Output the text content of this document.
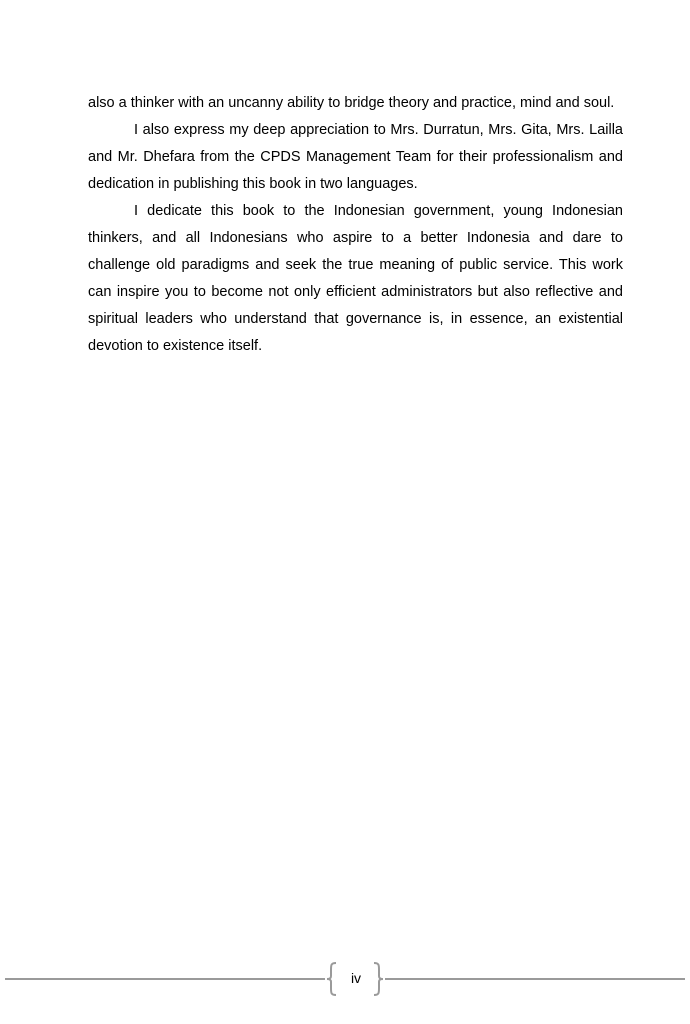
also a thinker with an uncanny ability to bridge theory and practice, mind and soul.

I also express my deep appreciation to Mrs. Durratun, Mrs. Gita, Mrs. Lailla and Mr. Dhefara from the CPDS Management Team for their professionalism and dedication in publishing this book in two languages.

I dedicate this book to the Indonesian government, young Indonesian thinkers, and all Indonesians who aspire to a better Indonesia and dare to challenge old paradigms and seek the true meaning of public service. This work can inspire you to become not only efficient administrators but also reflective and spiritual leaders who understand that governance is, in essence, an existential devotion to existence itself.

iv
